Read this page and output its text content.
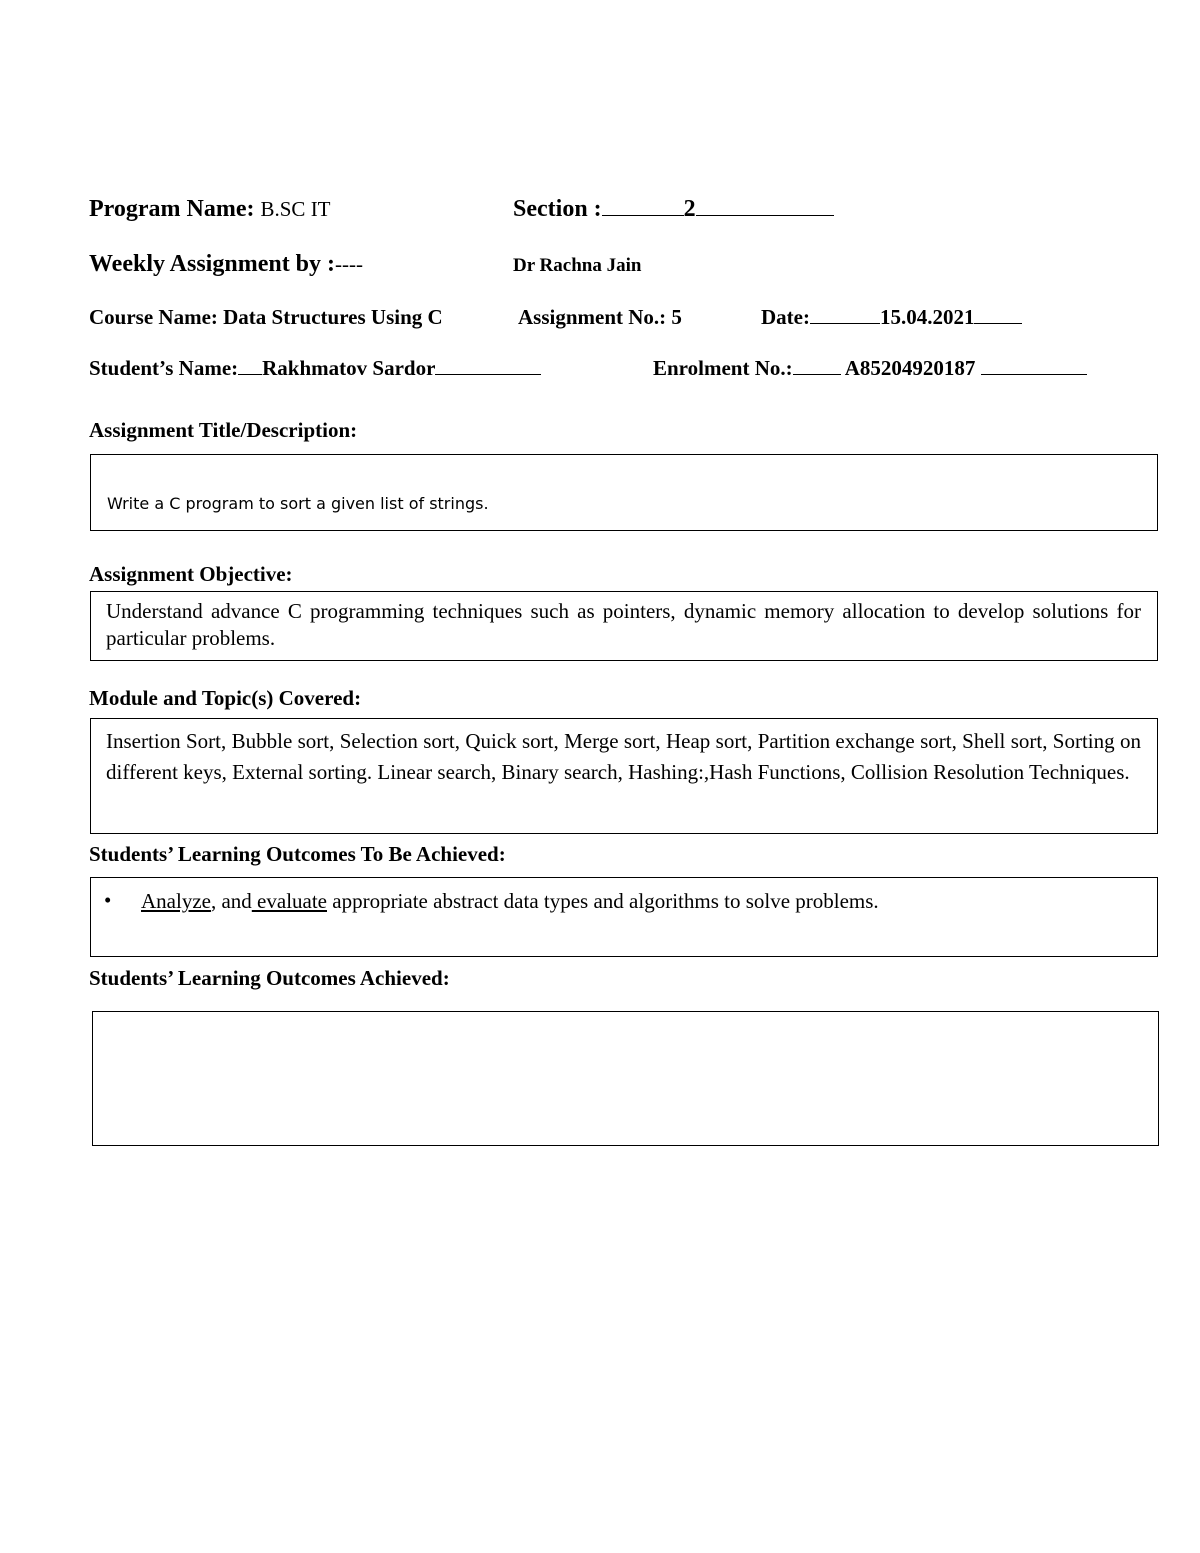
Program Name: B.SC IT	Section :	2
Weekly Assignment by :----	Dr Rachna Jain
Course Name: Data Structures Using C	Assignment No.: 5	Date:	15.04.2021
Student’s Name: Rakhmatov Sardor	Enrolment No.: A85204920187
Assignment Title/Description:
Write a C program to sort a given list of strings.
Assignment Objective:
Understand advance C programming techniques such as pointers, dynamic memory allocation to develop solutions for particular problems.
Module and Topic(s) Covered:
Insertion Sort, Bubble sort, Selection sort, Quick sort, Merge sort, Heap sort, Partition exchange sort, Shell sort, Sorting on different keys, External sorting. Linear search, Binary search, Hashing:,Hash Functions, Collision Resolution Techniques.
Students’ Learning Outcomes To Be Achieved:
• Analyze, and evaluate appropriate abstract data types and algorithms to solve problems.
Students’ Learning Outcomes Achieved:
